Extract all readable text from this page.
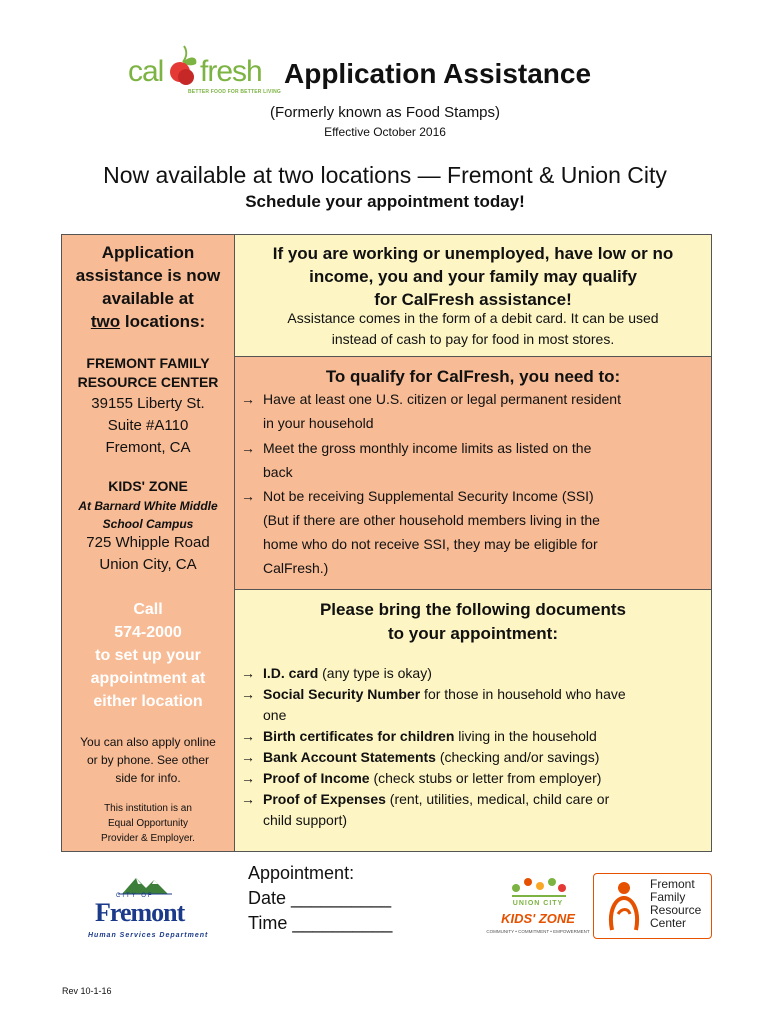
cal fresh
BETTER FOOD FOR BETTER LIVING
Application Assistance
(Formerly known as Food Stamps)
Effective October 2016
Now available at two locations — Fremont & Union City
Schedule your appointment today!
Application
assistance is now
available at
two locations:
FREMONT FAMILY
RESOURCE CENTER
39155 Liberty St.
Suite #A110
Fremont, CA
KIDS' ZONE
At Barnard White Middle
School Campus
725 Whipple Road
Union City, CA
Call
574-2000
to set up your
appointment at
either location
You can also apply online
or by phone. See other
side for info.
This institution is an
Equal Opportunity
Provider & Employer.
If you are working or unemployed, have low or no
income, you and your family may qualify
for CalFresh assistance!
Assistance comes in the form of a debit card. It can be used
instead of cash to pay for food in most stores.
To qualify for CalFresh, you need to:
→ Have at least one U.S. citizen or legal permanent resident
in your household
→ Meet the gross monthly income limits as listed on the
back
→ Not be receiving Supplemental Security Income (SSI)
(But if there are other household members living in the
home who do not receive SSI, they may be eligible for
CalFresh.)
Please bring the following documents
to your appointment:
→ I.D. card (any type is okay)
→ Social Security Number for those in household who have
one
→ Birth certificates for children living in the household
→ Bank Account Statements (checking and/or savings)
→ Proof of Income (check stubs or letter from employer)
→ Proof of Expenses (rent, utilities, medical, child care or
child support)
CITY OF
Fremont
Human Services Department
Appointment:
Date __________
Time __________
UNION CITY
KIDS' ZONE
COMMUNITY • COMMITMENT • EMPOWERMENT
Fremont
Family
Resource
Center
Rev 10-1-16
